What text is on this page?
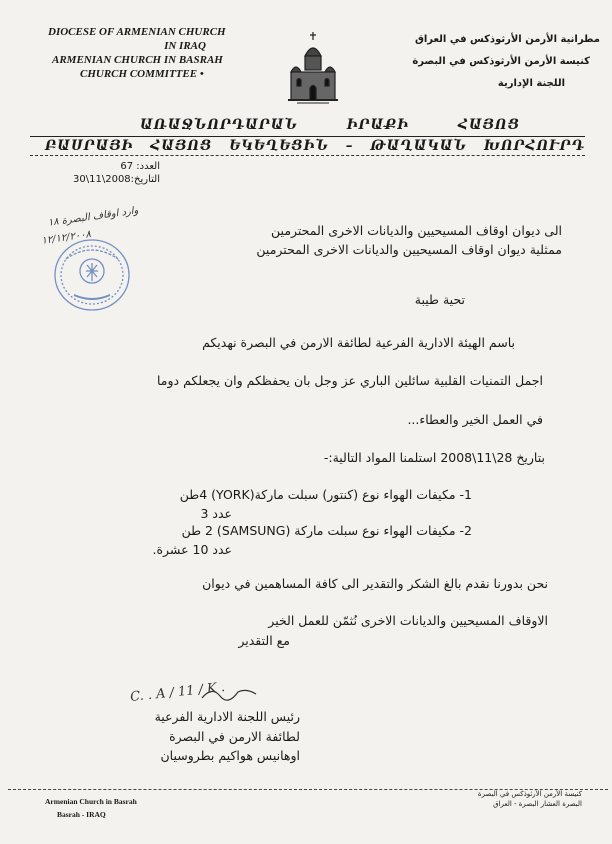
DIOCESE OF ARMENIAN CHURCH
IN IRAQ
ARMENIAN CHURCH IN BASRAH
CHURCH COMMITTEE •
مطرانية الأرمن الأرثوذكس في العراق
كنيسة الأرمن الأرثوذكس في البصرة
اللجنة الإدارية
ԱՌԱՋՆՈՐԴԱՐԱՆ	ԻՐԱՔԻ	ՀԱՅՈՑ
ԲԱՍՐԱՅԻ ՀԱՅՈՑ ԵԿԵՂԵՑԻՆ – ԹԱՂԱԿԱՆ ԽՈՐՀՈՒՐԴ
العدد: 67
التاريخ:2008\11\30
وارد اوقاف البصرة ١٨
١٢/١٢/٢٠٠٨	الى ديوان اوقاف المسيحيين والديانات الاخرى المحترمين
ممثلية ديوان اوقاف المسيحيين والديانات الاخرى المحترمين
تحية طيبة
باسم الهيئة الادارية الفرعية لطائفة الارمن في البصرة نهديكم
اجمل التمنيات القلبية سائلين الباري عز وجل بان يحفظكم وان يجعلكم دوما
في العمل الخير والعطاء...
بتاريخ 28\11\2008 استلمنا المواد التالية:-
1- مكيفات الهواء نوع (كنتور) سبلت ماركة(YORK) 4طن
عدد 3
2- مكيفات الهواء نوع سبلت ماركة (SAMSUNG) 2 طن
عدد 10 عشرة.
نحن بدورنا نقدم بالغ الشكر والتقدير الى كافة المساهمين في ديوان
الاوقاف المسيحيين والديانات الاخرى نُثمّن للعمل الخير
مع التقدير
C. . A / 11 / K .
رئيس اللجنة الادارية الفرعية
لطائفة الارمن في البصرة
اوهانيس هواكيم بطروسيان
Armenian Church in Basrah
Basrah - IRAQ
كنيسة الأرمن الأرثوذكس في البصرة
البصرة العشار البصرة - العراق
